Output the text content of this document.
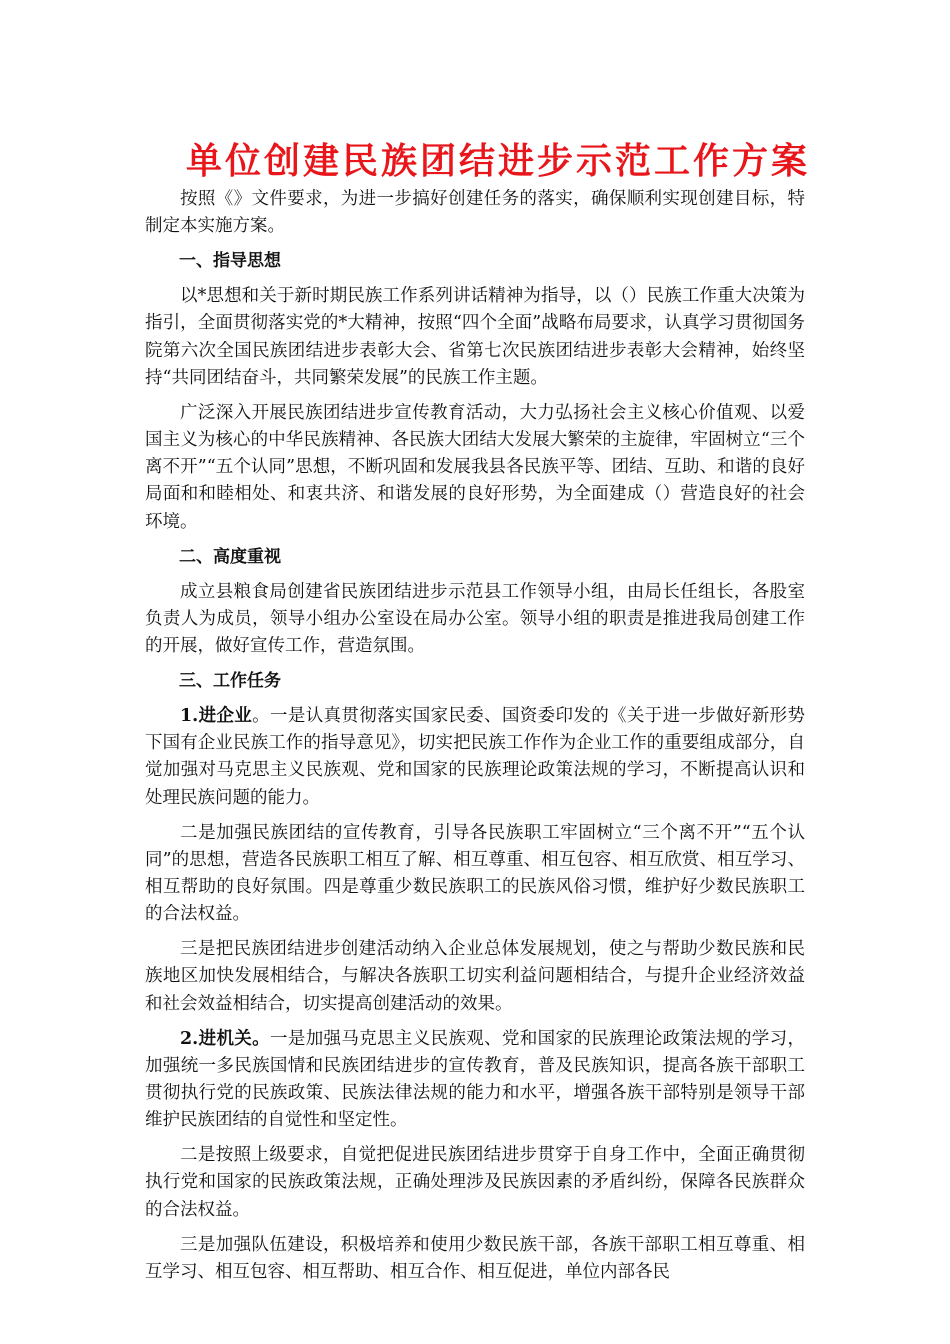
单位创建民族团结进步示范工作方案

按照《》文件要求，为进一步搞好创建任务的落实，确保顺利实现创建目标，特制定本实施方案。

一、指导思想

以*思想和关于新时期民族工作系列讲话精神为指导，以（）民族工作重大决策为指引，全面贯彻落实党的*大精神，按照“四个全面”战略布局要求，认真学习贯彻国务院第六次全国民族团结进步表彰大会、省第七次民族团结进步表彰大会精神，始终坚持“共同团结奋斗，共同繁荣发展”的民族工作主题。

广泛深入开展民族团结进步宣传教育活动，大力弘扬社会主义核心价值观、以爱国主义为核心的中华民族精神、各民族大团结大发展大繁荣的主旋律，牢固树立“三个离不开”“五个认同”思想，不断巩固和发展我县各民族平等、团结、互助、和谐的良好局面和和睦相处、和衷共济、和谐发展的良好形势，为全面建成（）营造良好的社会环境。

二、高度重视

成立县粮食局创建省民族团结进步示范县工作领导小组，由局长任组长，各股室负责人为成员，领导小组办公室设在局办公室。领导小组的职责是推进我局创建工作的开展，做好宣传工作，营造氛围。

三、工作任务

1.进企业。一是认真贯彻落实国家民委、国资委印发的《关于进一步做好新形势下国有企业民族工作的指导意见》，切实把民族工作作为企业工作的重要组成部分，自觉加强对马克思主义民族观、党和国家的民族理论政策法规的学习，不断提高认识和处理民族问题的能力。

二是加强民族团结的宣传教育，引导各民族职工牢固树立“三个离不开”“五个认同”的思想，营造各民族职工相互了解、相互尊重、相互包容、相互欣赏、相互学习、相互帮助的良好氛围。四是尊重少数民族职工的民族风俗习惯，维护好少数民族职工的合法权益。

三是把民族团结进步创建活动纳入企业总体发展规划，使之与帮助少数民族和民族地区加快发展相结合，与解决各族职工切实利益问题相结合，与提升企业经济效益和社会效益相结合，切实提高创建活动的效果。

2.进机关。一是加强马克思主义民族观、党和国家的民族理论政策法规的学习，加强统一多民族国情和民族团结进步的宣传教育，普及民族知识，提高各族干部职工贯彻执行党的民族政策、民族法律法规的能力和水平，增强各族干部特别是领导干部维护民族团结的自觉性和坚定性。

二是按照上级要求，自觉把促进民族团结进步贯穿于自身工作中，全面正确贯彻执行党和国家的民族政策法规，正确处理涉及民族因素的矛盾纠纷，保障各民族群众的合法权益。

三是加强队伍建设，积极培养和使用少数民族干部，各族干部职工相互尊重、相互学习、相互包容、相互帮助、相互合作、相互促进，单位内部各民
